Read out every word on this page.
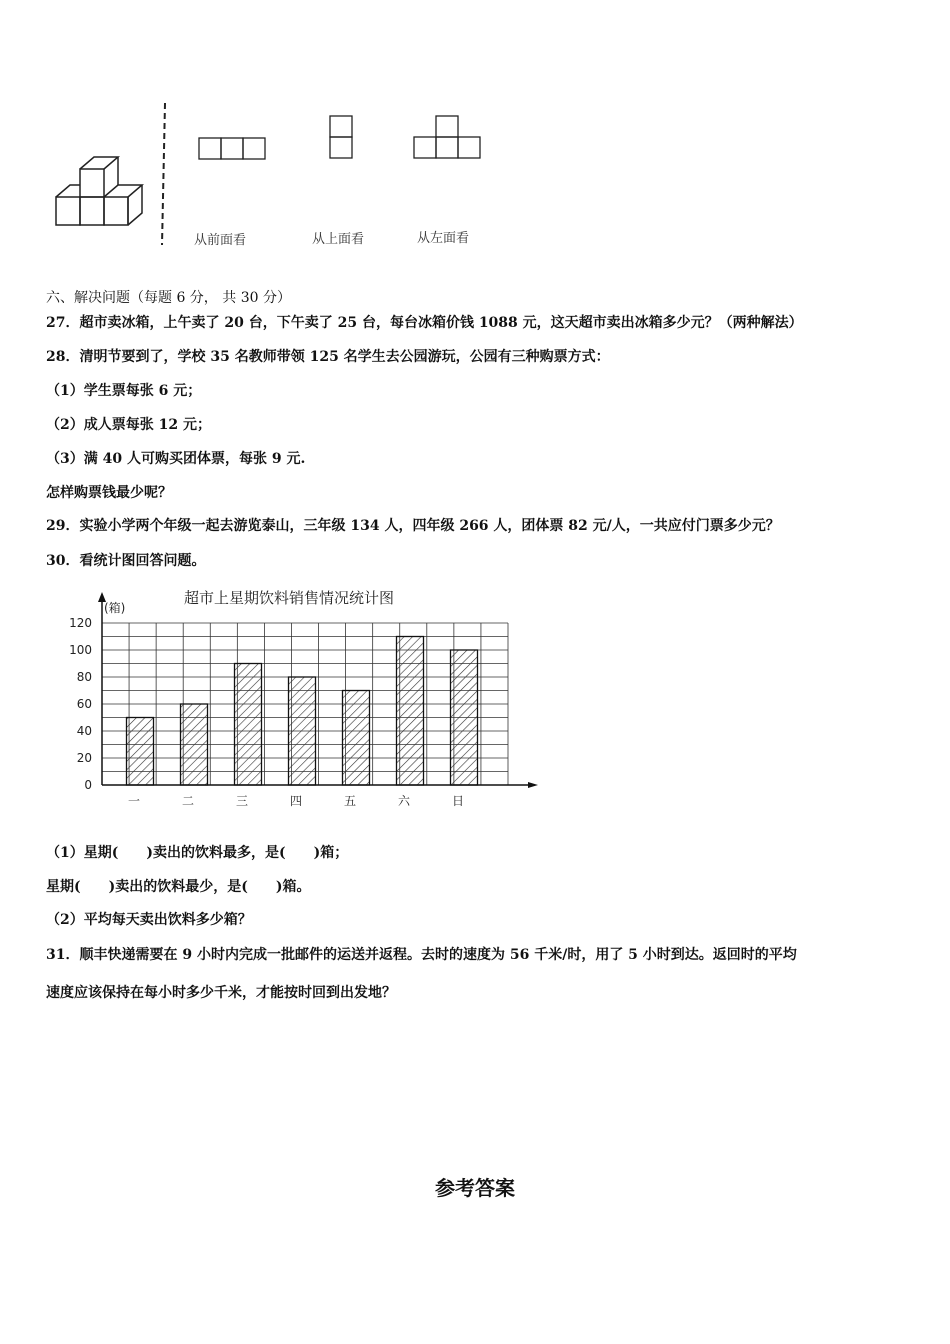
从前面看	从上面看	从左面看
六、解决问题（每题 6 分， 共 30 分）
27．超市卖冰箱，上午卖了 20 台，下午卖了 25 台，每台冰箱价钱 1088 元，这天超市卖出冰箱多少元？（两种解法）
28．清明节要到了，学校 35 名教师带领 125 名学生去公园游玩，公园有三种购票方式：
（1）学生票每张 6 元；
（2）成人票每张 12 元；
（3）满 40 人可购买团体票，每张 9 元.
怎样购票钱最少呢？
29．实验小学两个年级一起去游览泰山，三年级 134 人，四年级 266 人，团体票 82 元/人，一共应付门票多少元？
30．看统计图回答问题。
超市上星期饮料销售情况统计图
0
20
40
60
80
100
120
一	二	三	四	五	六	日
(箱)
（1）星期(　　)卖出的饮料最多，是(　　)箱；
星期(　　)卖出的饮料最少，是(　　)箱。
（2）平均每天卖出饮料多少箱？
31．顺丰快递需要在 9 小时内完成一批邮件的运送并返程。去时的速度为 56 千米/时，用了 5 小时到达。返回时的平均
速度应该保持在每小时多少千米，才能按时回到出发地？
参考答案
